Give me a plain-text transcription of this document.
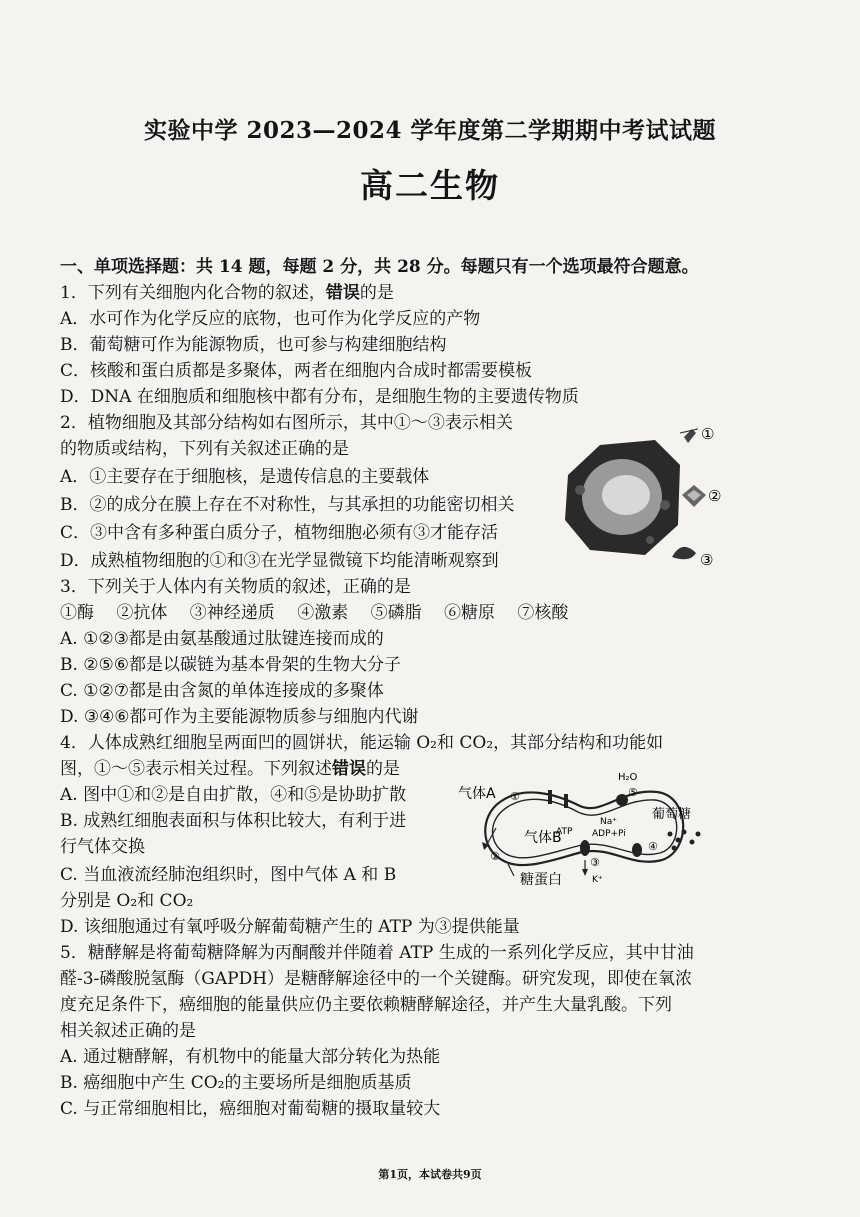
实验中学 2023—2024 学年度第二学期期中考试试题
高二生物
一、单项选择题：共 14 题，每题 2 分，共 28 分。每题只有一个选项最符合题意。
1．下列有关细胞内化合物的叙述，错误的是
A．水可作为化学反应的底物，也可作为化学反应的产物
B．葡萄糖可作为能源物质，也可参与构建细胞结构
C．核酸和蛋白质都是多聚体，两者在细胞内合成时都需要模板
D．DNA 在细胞质和细胞核中都有分布，是细胞生物的主要遗传物质
2．植物细胞及其部分结构如右图所示，其中①～③表示相关
的物质或结构，下列有关叙述正确的是
A．①主要存在于细胞核，是遗传信息的主要载体
B．②的成分在膜上存在不对称性，与其承担的功能密切相关
C．③中含有多种蛋白质分子，植物细胞必须有③才能存活
D．成熟植物细胞的①和③在光学显微镜下均能清晰观察到
①
②
③
3．下列关于人体内有关物质的叙述，正确的是
①酶　 ②抗体　 ③神经递质　 ④激素　 ⑤磷脂　 ⑥糖原　 ⑦核酸
A. ①②③都是由氨基酸通过肽键连接而成的
B. ②⑤⑥都是以碳链为基本骨架的生物大分子
C. ①②⑦都是由含氮的单体连接成的多聚体
D. ③④⑥都可作为主要能源物质参与细胞内代谢
4．人体成熟红细胞呈两面凹的圆饼状，能运输 O₂和 CO₂，其部分结构和功能如
图，①～⑤表示相关过程。下列叙述错误的是
A. 图中①和②是自由扩散，④和⑤是协助扩散
B. 成熟红细胞表面积与体积比较大，有利于进
行气体交换
C. 当血液流经肺泡组织时，图中气体 A 和 B
分别是 O₂和 CO₂
D. 该细胞通过有氧呼吸分解葡萄糖产生的 ATP 为③提供能量
气体A
气体B
葡萄糖
糖蛋白
H₂O
Na⁺
K⁺
ATP ADP+Pi
①
②	③
④
⑤
5．糖酵解是将葡萄糖降解为丙酮酸并伴随着 ATP 生成的一系列化学反应，其中甘油
醛-3-磷酸脱氢酶（GAPDH）是糖酵解途径中的一个关键酶。研究发现，即使在氧浓
度充足条件下，癌细胞的能量供应仍主要依赖糖酵解途径，并产生大量乳酸。下列
相关叙述正确的是
A. 通过糖酵解，有机物中的能量大部分转化为热能
B. 癌细胞中产生 CO₂的主要场所是细胞质基质
C. 与正常细胞相比，癌细胞对葡萄糖的摄取量较大
第1页，本试卷共9页
